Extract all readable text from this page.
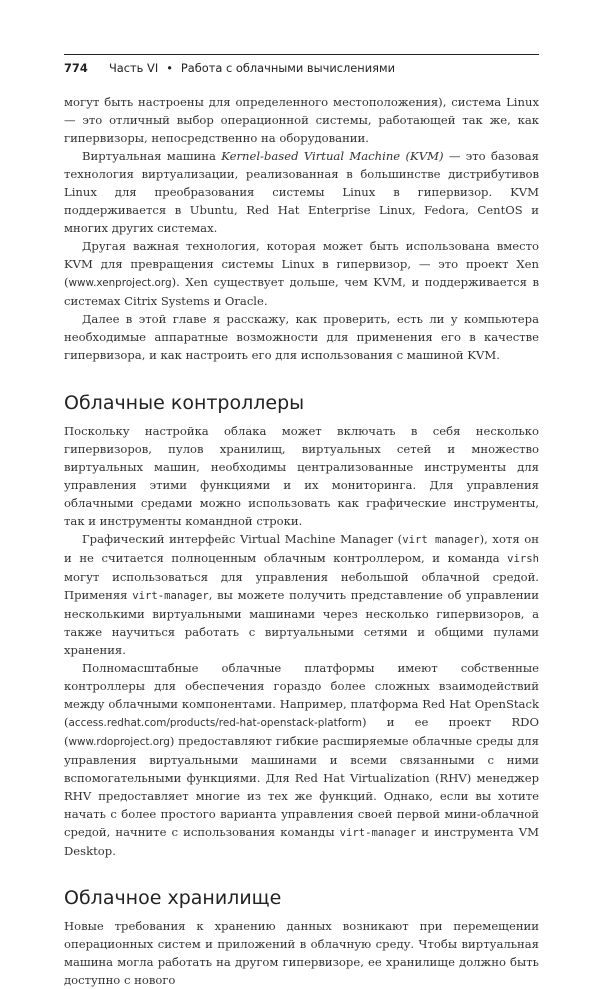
774 Часть VI • Работа с облачными вычислениями

могут быть настроены для определенного местоположения), система Linux — это отличный выбор операционной системы, работающей так же, как гипервизоры, непосредственно на оборудовании.

Виртуальная машина Kernel-based Virtual Machine (KVM) — это базовая технология виртуализации, реализованная в большинстве дистрибутивов Linux для преобразования системы Linux в гипервизор. KVM поддерживается в Ubuntu, Red Hat Enterprise Linux, Fedora, CentOS и многих других системах.

Другая важная технология, которая может быть использована вместо KVM для превращения системы Linux в гипервизор, — это проект Xen (www.xenproject.org). Xen существует дольше, чем KVM, и поддерживается в системах Citrix Systems и Oracle.

Далее в этой главе я расскажу, как проверить, есть ли у компьютера необходимые аппаратные возможности для применения его в качестве гипервизора, и как настроить его для использования с машиной KVM.

Облачные контроллеры

Поскольку настройка облака может включать в себя несколько гипервизоров, пулов хранилищ, виртуальных сетей и множество виртуальных машин, необходимы централизованные инструменты для управления этими функциями и их мониторинга. Для управления облачными средами можно использовать как графические инструменты, так и инструменты командной строки.

Графический интерфейс Virtual Machine Manager (virt manager), хотя он и не считается полноценным облачным контроллером, и команда virsh могут использоваться для управления небольшой облачной средой. Применяя virt-manager, вы можете получить представление об управлении несколькими виртуальными машинами через несколько гипервизоров, а также научиться работать с виртуальными сетями и общими пулами хранения.

Полномасштабные облачные платформы имеют собственные контроллеры для обеспечения гораздо более сложных взаимодействий между облачными компонентами. Например, платформа Red Hat OpenStack (access.redhat.com/products/red-hat-openstack-platform) и ее проект RDO (www.rdoproject.org) предоставляют гибкие расширяемые облачные среды для управления виртуальными машинами и всеми связанными с ними вспомогательными функциями. Для Red Hat Virtualization (RHV) менеджер RHV предоставляет многие из тех же функций. Однако, если вы хотите начать с более простого варианта управления своей первой мини-облачной средой, начните с использования команды virt-manager и инструмента VM Desktop.

Облачное хранилище

Новые требования к хранению данных возникают при перемещении операционных систем и приложений в облачную среду. Чтобы виртуальная машина могла работать на другом гипервизоре, ее хранилище должно быть доступно с нового
